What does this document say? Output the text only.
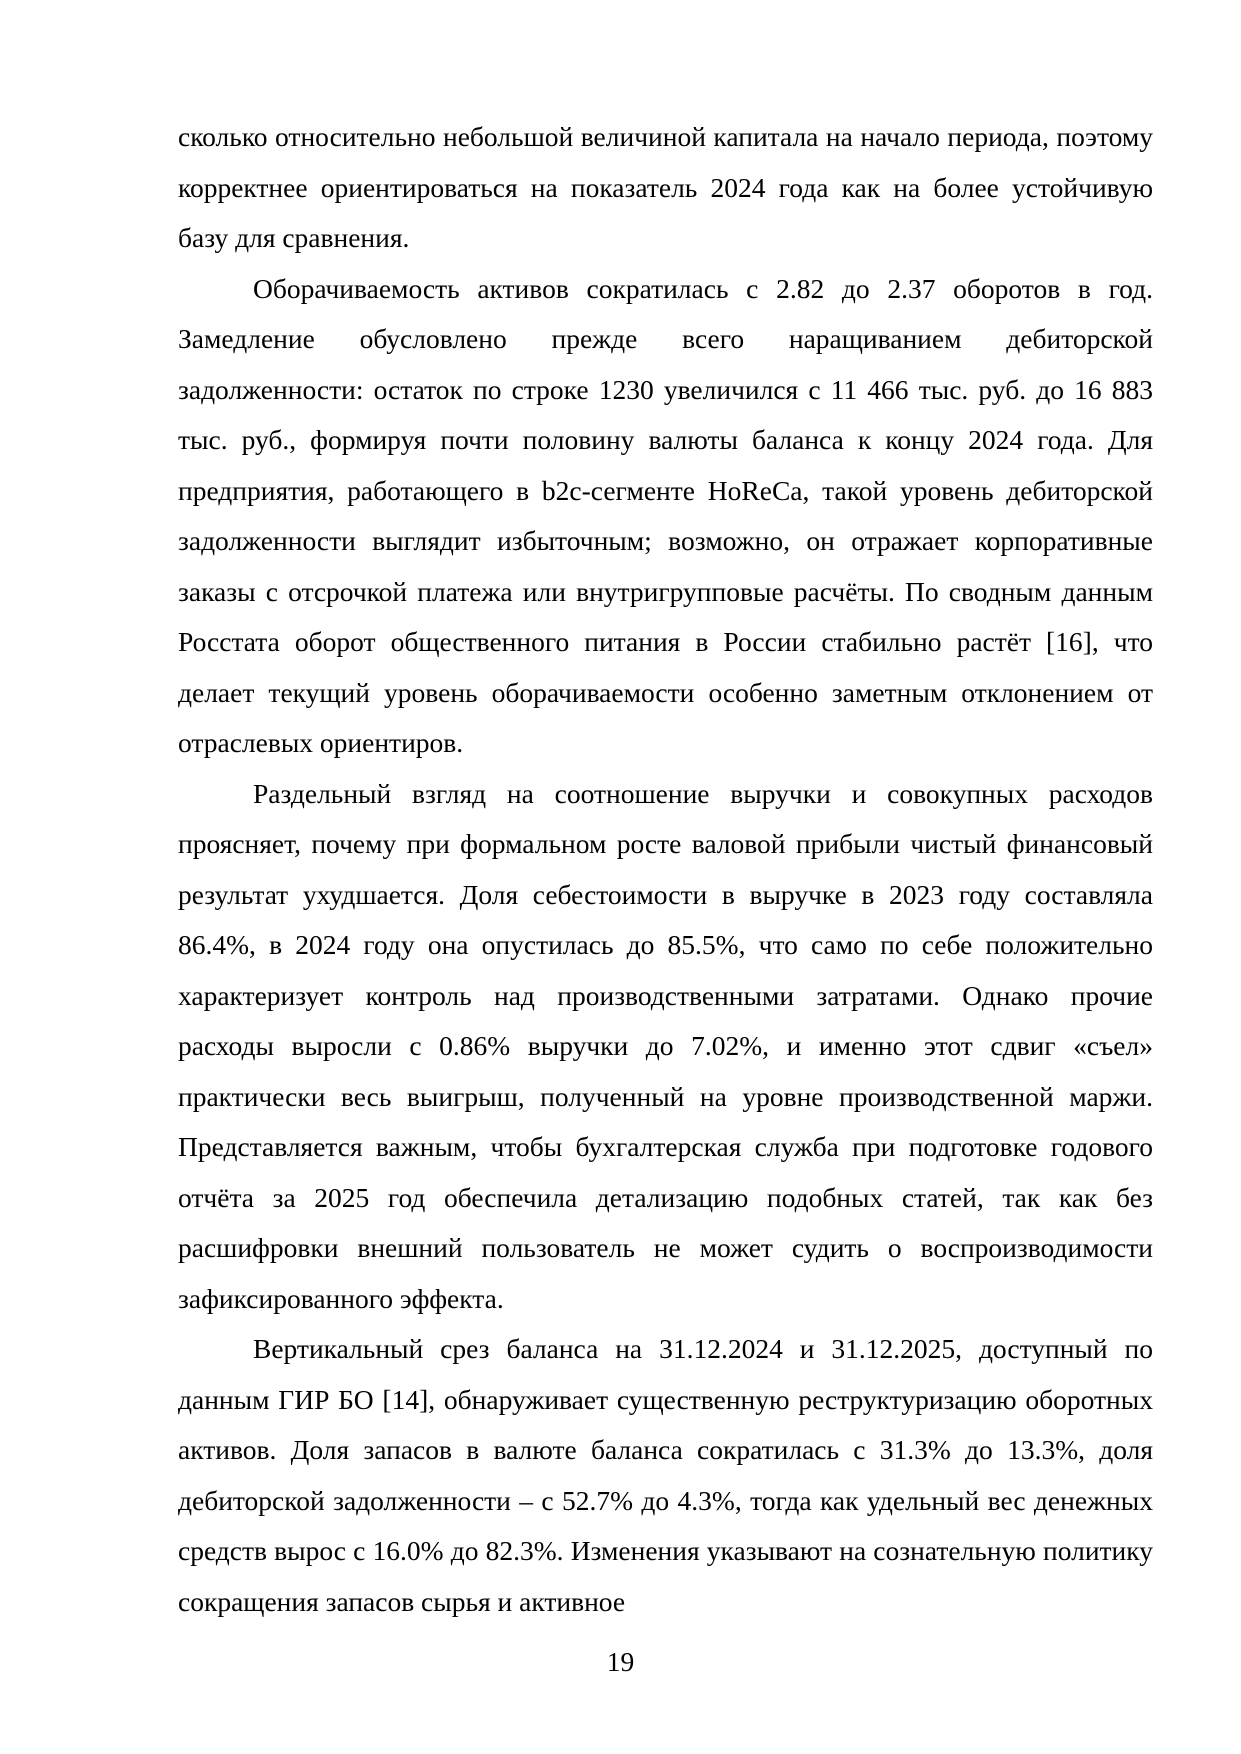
сколько относительно небольшой величиной капитала на начало периода, поэтому корректнее ориентироваться на показатель 2024 года как на более устойчивую базу для сравнения.

Оборачиваемость активов сократилась с 2.82 до 2.37 оборотов в год. Замедление обусловлено прежде всего наращиванием дебиторской задолженности: остаток по строке 1230 увеличился с 11 466 тыс. руб. до 16 883 тыс. руб., формируя почти половину валюты баланса к концу 2024 года. Для предприятия, работающего в b2c-сегменте HoReCa, такой уровень дебиторской задолженности выглядит избыточным; возможно, он отражает корпоративные заказы с отсрочкой платежа или внутригрупповые расчёты. По сводным данным Росстата оборот общественного питания в России стабильно растёт [16], что делает текущий уровень оборачиваемости особенно заметным отклонением от отраслевых ориентиров.

Раздельный взгляд на соотношение выручки и совокупных расходов проясняет, почему при формальном росте валовой прибыли чистый финансовый результат ухудшается. Доля себестоимости в выручке в 2023 году составляла 86.4%, в 2024 году она опустилась до 85.5%, что само по себе положительно характеризует контроль над производственными затратами. Однако прочие расходы выросли с 0.86% выручки до 7.02%, и именно этот сдвиг «съел» практически весь выигрыш, полученный на уровне производственной маржи. Представляется важным, чтобы бухгалтерская служба при подготовке годового отчёта за 2025 год обеспечила детализацию подобных статей, так как без расшифровки внешний пользователь не может судить о воспроизводимости зафиксированного эффекта.

Вертикальный срез баланса на 31.12.2024 и 31.12.2025, доступный по данным ГИР БО [14], обнаруживает существенную реструктуризацию оборотных активов. Доля запасов в валюте баланса сократилась с 31.3% до 13.3%, доля дебиторской задолженности – с 52.7% до 4.3%, тогда как удельный вес денежных средств вырос с 16.0% до 82.3%. Изменения указывают на сознательную политику сокращения запасов сырья и активное

19
